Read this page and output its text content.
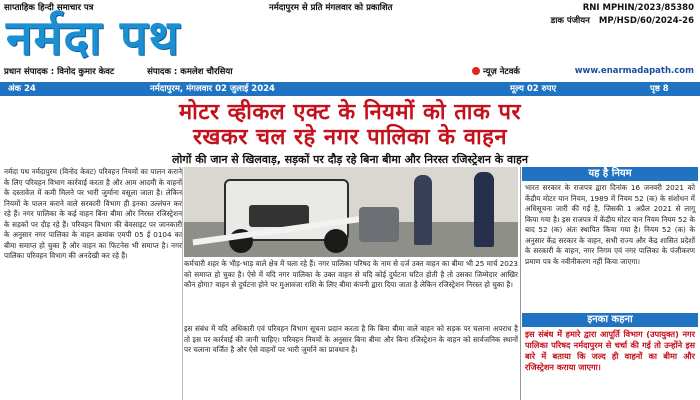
साप्ताहिक हिन्दी समाचार पत्र	नर्मदापुरम से प्रति मंगलवार को प्रकाशित	RNI MPHIN/2023/85380
डाक पंजीयन MP/HSD/60/2024-26
नर्मदा पथ
प्रधान संपादक : विनोद कुमार केवट	संपादक : कमलेश चौरसिया	न्यूज़ नेटवर्क	www.enarmadapath.com
अंक 24	नर्मदापुरम, मंगलवार 02 जुलाई 2024	मूल्य 02 रुपए	पृष्ठ 8
मोटर व्हीकल एक्ट के नियमों को ताक पर
रखकर चल रहे नगर पालिका के वाहन
लोगों की जान से खिलवाड़, सड़कों पर दौड़ रहे बिना बीमा और निरस्त रजिस्ट्रेशन के वाहन
नर्मदा पथ नर्मदापुरम (विनोद केवट) परिवहन नियमों का पालन कराने के लिए परिवहन विभाग कार्रवाई करता है और आम आदमी के वाहनों के दस्तावेज में कमी मिलने पर भारी जुर्माना वसूला जाता है। लेकिन नियमों के पालन कराने वाले सरकारी विभाग ही इनका उल्लंघन कर रहे हैं। नगर पालिका के कई वाहन बिना बीमा और निरस्त रजिस्ट्रेशन के सड़कों पर दौड़ रहे हैं। परिवहन विभाग की बेवसाइट पर जानकारी के अनुसार नगर पालिका के वाहन क्रमांक एमपी 05 ई 0104 का बीमा समाप्त हो चुका है और वाहन का फिटनेस भी समाप्त है। नगर पालिका परिवहन विभाग की अनदेखी कर रहे हैं।
कर्मचारी शहर के भीड़-भाड़ वाले क्षेत्र में चला रहे हैं। नगर पालिका परिषद के नाम से दर्ज उक्त वाहन का बीमा भी 25 मार्च 2023 को समाप्त हो चुका है। ऐसे में यदि नगर पालिका के उक्त वाहन से यदि कोई दुर्घटना घटित होती है तो उसका जिम्मेदार आखिर कौन होगा? वाहन से दुर्घटना होने पर मुआवजा राशि के लिए बीमा कंपनी द्वारा दिया जाता है लेकिन रजिस्ट्रेशन निरस्त हो चुका है।
इस संबंध में यदि अधिकारी एवं परिवहन विभाग सूचना प्रदान करता है कि बिना बीमा वाले वाहन को सड़क पर चलाना अपराध है तो इस पर कार्रवाई की जानी चाहिए। परिवहन नियमों के अनुसार बिना बीमा और बिना रजिस्ट्रेशन के वाहन को सार्वजनिक स्थानों पर चलाना वर्जित है और ऐसे वाहनों पर भारी जुर्माने का प्रावधान है।
यह है नियम
भारत सरकार के राजपत्र द्वारा दिनांक 16 जनवरी 2021 को केंद्रीय मोटर यान नियम, 1989 में नियम 52 (क) के संशोधन में अधिसूचना जारी की गई है, जिसकी 1 अप्रैल 2021 से लागू किया गया है। इस राजपत्र में केंद्रीय मोटर यान नियम नियम 52 के बाद 52 (क) अंतः स्थापित किया गया है। नियम 52 (क) के अनुसार केंद्र सरकार के वाहन, सभी राज्य और केंद्र शासित प्रदेशों के सरकारी के वाहन, नगर निगम एवं नगर पालिका के पंजीकरण प्रमाण पत्र के नवीनीकरण नहीं किया जाएगा।
इनका कहना
इस संबंध में हमारे द्वारा आपूर्ति विभाग (उपायुक्त) नगर पालिका परिषद नर्मदापुरम से चर्चा की गई तो उन्होंने इस बारे में बताया कि जल्द ही वाहनों का बीमा और रजिस्ट्रेशन कराया जाएगा।
